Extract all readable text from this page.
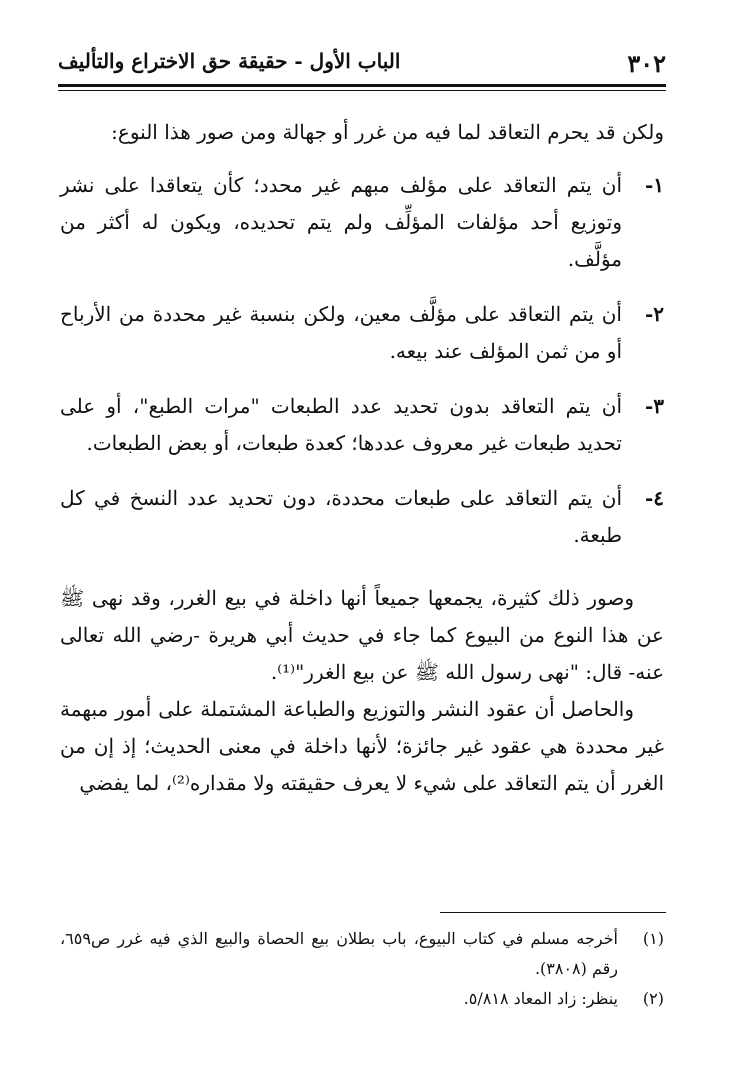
٣٠٢
الباب الأول - حقيقة حق الاختراع والتأليف

ولكن قد يحرم التعاقد لما فيه من غرر أو جهالة ومن صور هذا النوع:

١-
أن يتم التعاقد على مؤلف مبهم غير محدد؛ كأن يتعاقدا على نشر وتوزيع أحد مؤلفات المؤلِّف ولم يتم تحديده، ويكون له أكثر من مؤلَّف.
٢-
أن يتم التعاقد على مؤلَّف معين، ولكن بنسبة غير محددة من الأرباح أو من ثمن المؤلف عند بيعه.
٣-
أن يتم التعاقد بدون تحديد عدد الطبعات "مرات الطبع"، أو على تحديد طبعات غير معروف عددها؛ كعدة طبعات، أو بعض الطبعات.
٤-
أن يتم التعاقد على طبعات محددة، دون تحديد عدد النسخ في كل طبعة.

وصور ذلك كثيرة، يجمعها جميعاً أنها داخلة في بيع الغرر، وقد نهى ﷺ عن هذا النوع من البيوع كما جاء في حديث أبي هريرة -رضي الله تعالى عنه- قال: "نهى رسول الله ﷺ عن بيع الغرر"⁽¹⁾.

والحاصل أن عقود النشر والتوزيع والطباعة المشتملة على أمور مبهمة غير محددة هي عقود غير جائزة؛ لأنها داخلة في معنى الحديث؛ إذ إن من الغرر أن يتم التعاقد على شيء لا يعرف حقيقته ولا مقداره⁽²⁾، لما يفضي

(١)
أخرجه مسلم في كتاب البيوع، باب بطلان بيع الحصاة والبيع الذي فيه غرر ص٦٥٩، رقم (٣٨٠٨).
(٢)
ينظر: زاد المعاد ٥/٨١٨.
